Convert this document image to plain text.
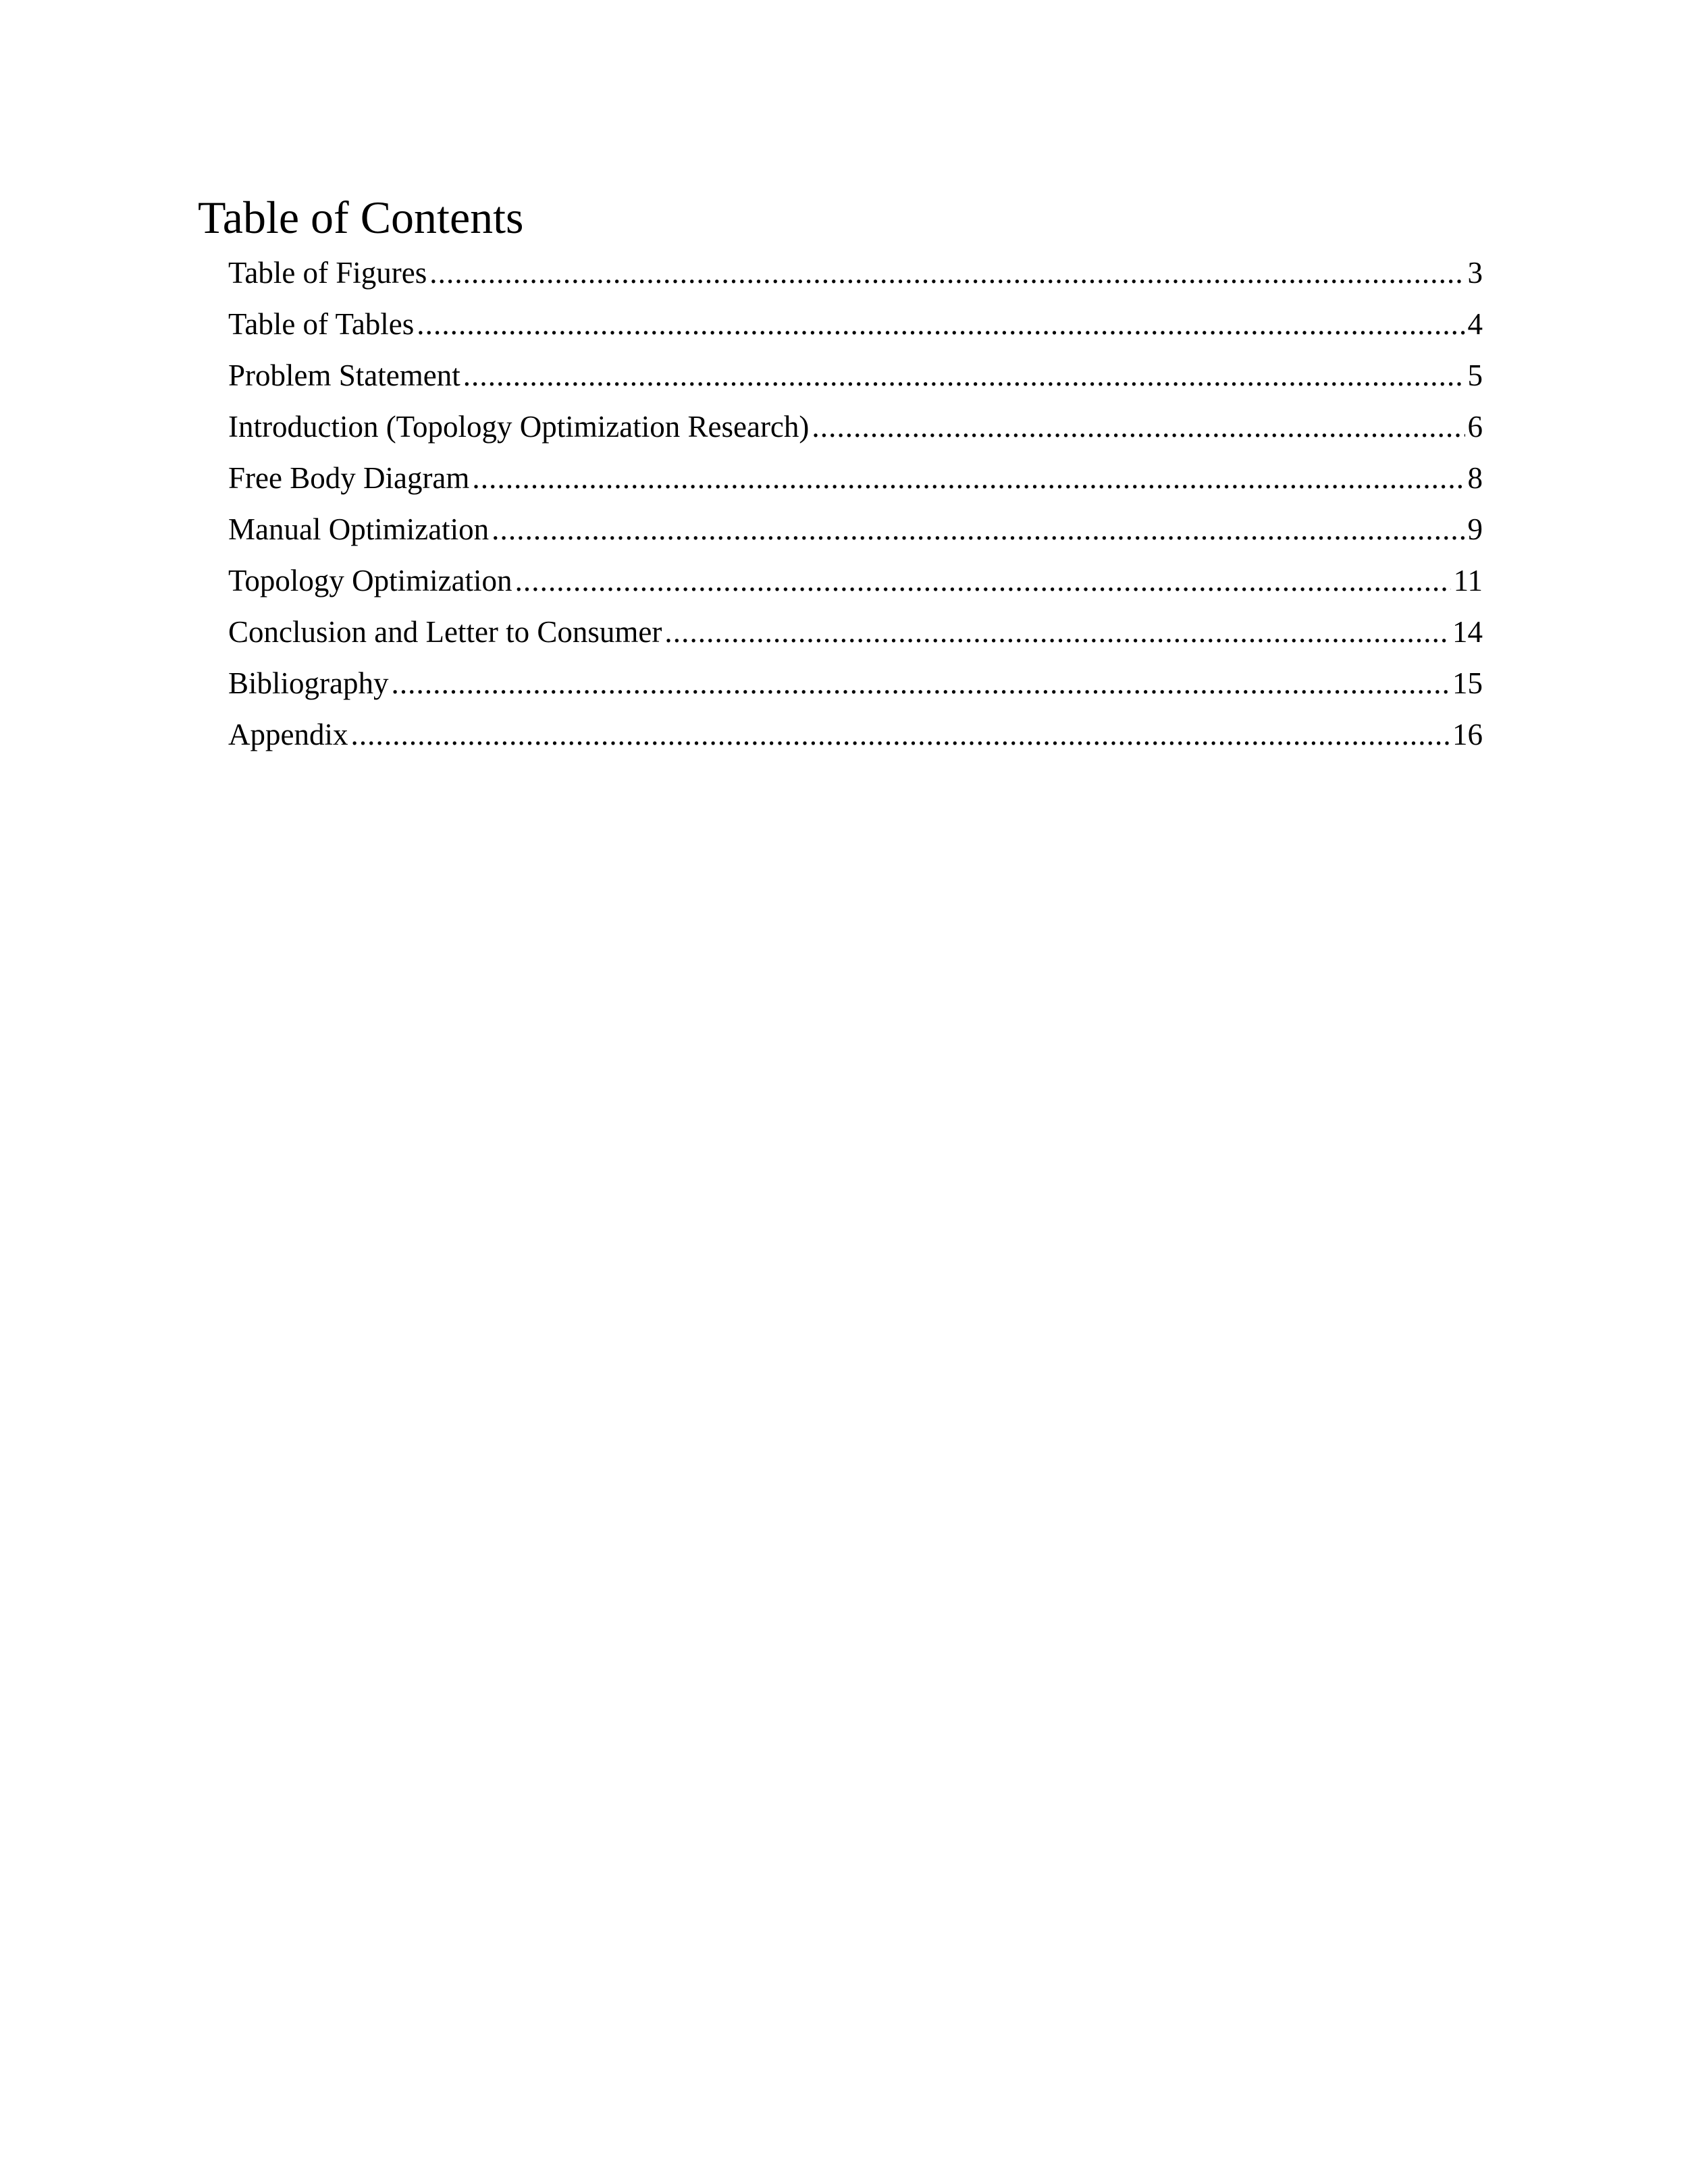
Table of Contents
Table of Figures .....	3
Table of Tables .....	4
Problem Statement .....	5
Introduction (Topology Optimization Research) .....	6
Free Body Diagram .....	8
Manual Optimization .....	9
Topology Optimization .....	11
Conclusion and Letter to Consumer .....	14
Bibliography .....	15
Appendix .....	16
